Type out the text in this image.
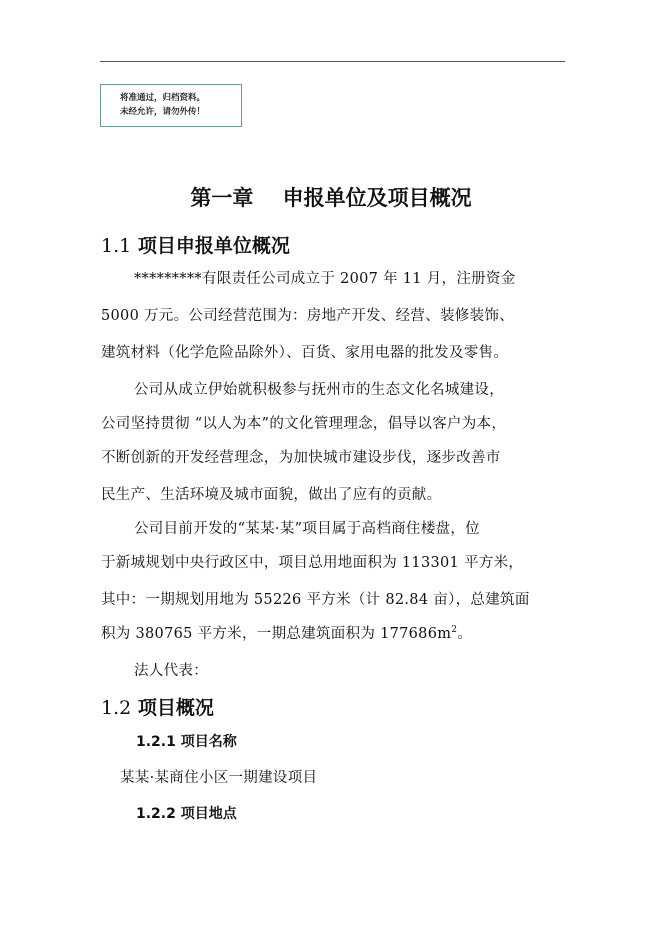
将准通过，归档资料。
未经允许，请勿外传！
第一章    申报单位及项目概况
1.1 项目申报单位概况
*********有限责任公司成立于 2007 年 11 月，注册资金
5000 万元。公司经营范围为：房地产开发、经营、装修装饰、
建筑材料（化学危险品除外）、百货、家用电器的批发及零售。
公司从成立伊始就积极参与抚州市的生态文化名城建设，
公司坚持贯彻 “以人为本”的文化管理理念，倡导以客户为本，
不断创新的开发经营理念，为加快城市建设步伐，逐步改善市
民生产、生活环境及城市面貌，做出了应有的贡献。
公司目前开发的“某某·某”项目属于高档商住楼盘，位
于新城规划中央行政区中，项目总用地面积为 113301 平方米，
其中：一期规划用地为 55226 平方米（计 82.84 亩），总建筑面
积为 380765 平方米，一期总建筑面积为 $177686m^2$。
法人代表：
1.2 项目概况
1.2.1 项目名称
某某·某商住小区一期建设项目
1.2.2 项目地点
